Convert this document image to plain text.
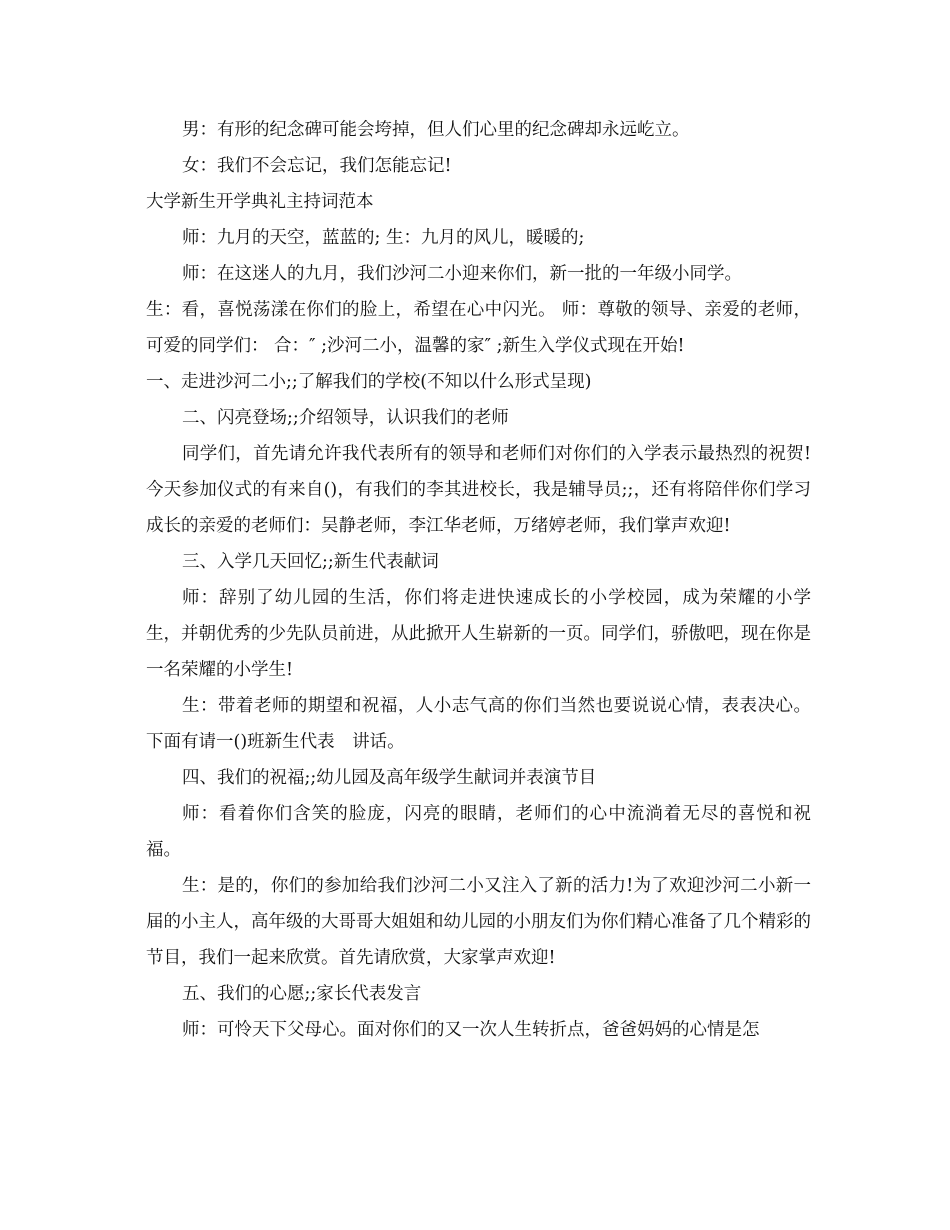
男：有形的纪念碑可能会垮掉，但人们心里的纪念碑却永远屹立。

女：我们不会忘记，我们怎能忘记!

大学新生开学典礼主持词范本

师：九月的天空，蓝蓝的; 生：九月的风儿，暖暖的;

师：在这迷人的九月，我们沙河二小迎来你们，新一批的一年级小同学。

生：看，喜悦荡漾在你们的脸上，希望在心中闪光。 师：尊敬的领导、亲爱的老师，可爱的同学们： 合：″ ;沙河二小，温馨的家″ ;新生入学仪式现在开始!

一、走进沙河二小;;了解我们的学校(不知以什么形式呈现)

二、闪亮登场;;介绍领导，认识我们的老师

同学们，首先请允许我代表所有的领导和老师们对你们的入学表示最热烈的祝贺!今天参加仪式的有来自()，有我们的李其进校长，我是辅导员;;，还有将陪伴你们学习成长的亲爱的老师们：吴静老师，李江华老师，万绪婷老师，我们掌声欢迎!

三、入学几天回忆;;新生代表献词

师：辞别了幼儿园的生活，你们将走进快速成长的小学校园，成为荣耀的小学生，并朝优秀的少先队员前进，从此掀开人生崭新的一页。同学们，骄傲吧，现在你是一名荣耀的小学生!

生：带着老师的期望和祝福，人小志气高的你们当然也要说说心情，表表决心。下面有请一()班新生代表　讲话。

四、我们的祝福;;幼儿园及高年级学生献词并表演节目

师：看着你们含笑的脸庞，闪亮的眼睛，老师们的心中流淌着无尽的喜悦和祝福。

生：是的，你们的参加给我们沙河二小又注入了新的活力!为了欢迎沙河二小新一届的小主人，高年级的大哥哥大姐姐和幼儿园的小朋友们为你们精心准备了几个精彩的节目，我们一起来欣赏。首先请欣赏，大家掌声欢迎!

五、我们的心愿;;家长代表发言

师：可怜天下父母心。面对你们的又一次人生转折点，爸爸妈妈的心情是怎
